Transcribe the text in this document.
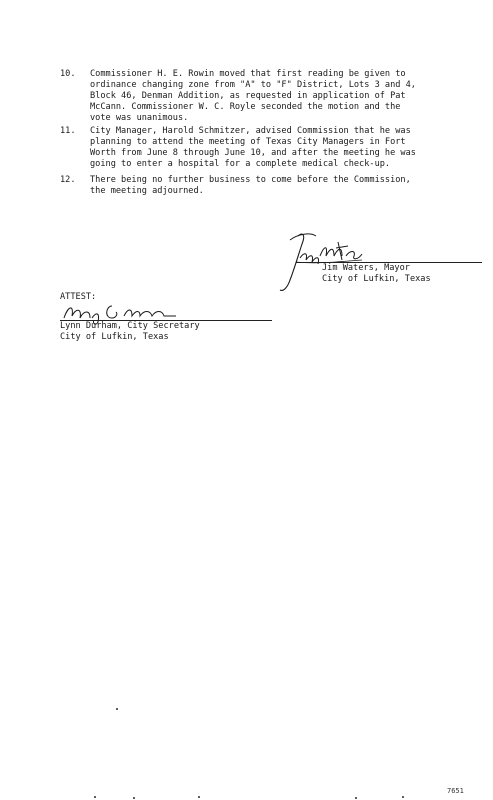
10.	Commissioner H. E. Rowin moved that first reading be given to
ordinance changing zone from "A" to "F" District, Lots 3 and 4,
Block 46, Denman Addition, as requested in application of Pat
McCann. Commissioner W. C. Royle seconded the motion and the
vote was unanimous.
11.	City Manager, Harold Schmitzer, advised Commission that he was
planning to attend the meeting of Texas City Managers in Fort
Worth from June 8 through June 10, and after the meeting he was
going to enter a hospital for a complete medical check-up.
12.	There being no further business to come before the Commission,
the meeting adjourned.
Jim Waters, Mayor
City of Lufkin, Texas
ATTEST:
Lynn Durham, City Secretary
City of Lufkin, Texas
7651
